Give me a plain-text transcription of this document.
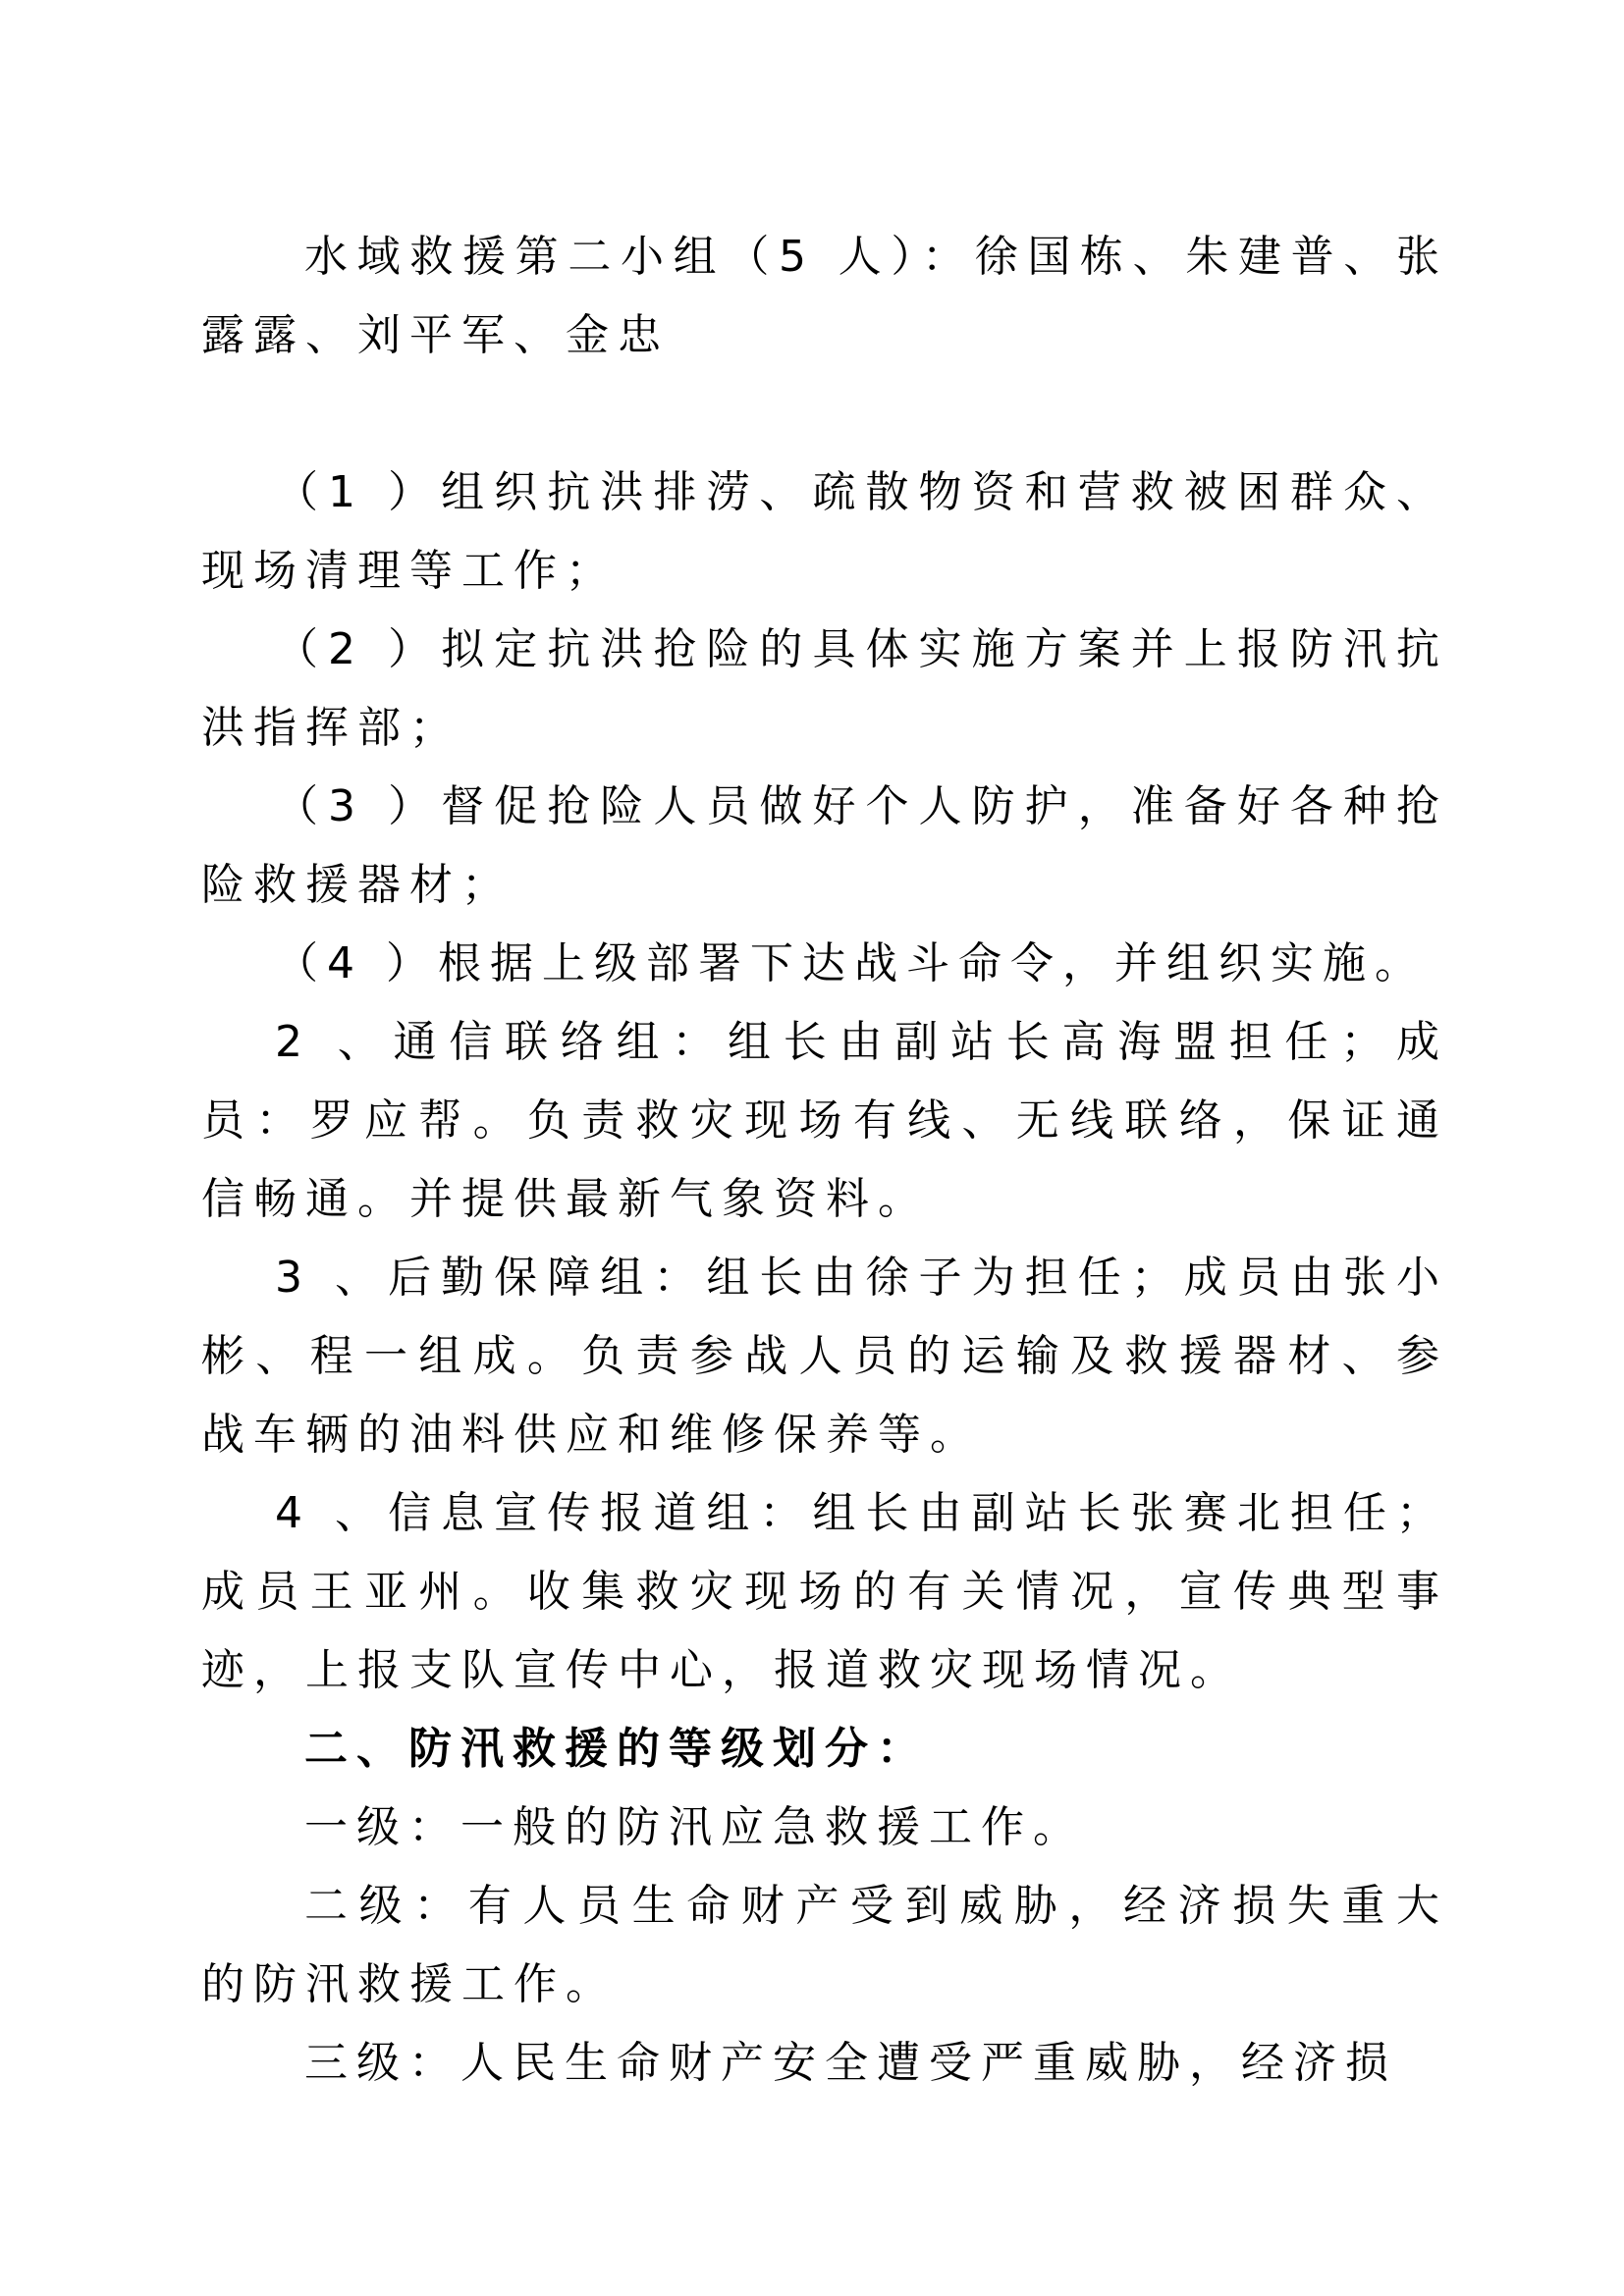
水域救援第二小组（5 人）：徐国栋、朱建普、张露露、刘平军、金忠

（1 ）组织抗洪排涝、疏散物资和营救被困群众、现场清理等工作；

（2 ）拟定抗洪抢险的具体实施方案并上报防汛抗洪指挥部；

（3 ）督促抢险人员做好个人防护，准备好各种抢险救援器材；

（4 ）根据上级部署下达战斗命令，并组织实施。

2 、通信联络组：组长由副站长高海盟担任；成员：罗应帮。负责救灾现场有线、无线联络，保证通信畅通。并提供最新气象资料。

3 、后勤保障组：组长由徐子为担任；成员由张小彬、程一组成。负责参战人员的运输及救援器材、参战车辆的油料供应和维修保养等。

4 、信息宣传报道组：组长由副站长张赛北担任；成员王亚州。收集救灾现场的有关情况，宣传典型事迹，上报支队宣传中心，报道救灾现场情况。

二、防汛救援的等级划分：

一级：一般的防汛应急救援工作。

二级：有人员生命财产受到威胁，经济损失重大的防汛救援工作。

三级：人民生命财产安全遭受严重威胁，经济损
